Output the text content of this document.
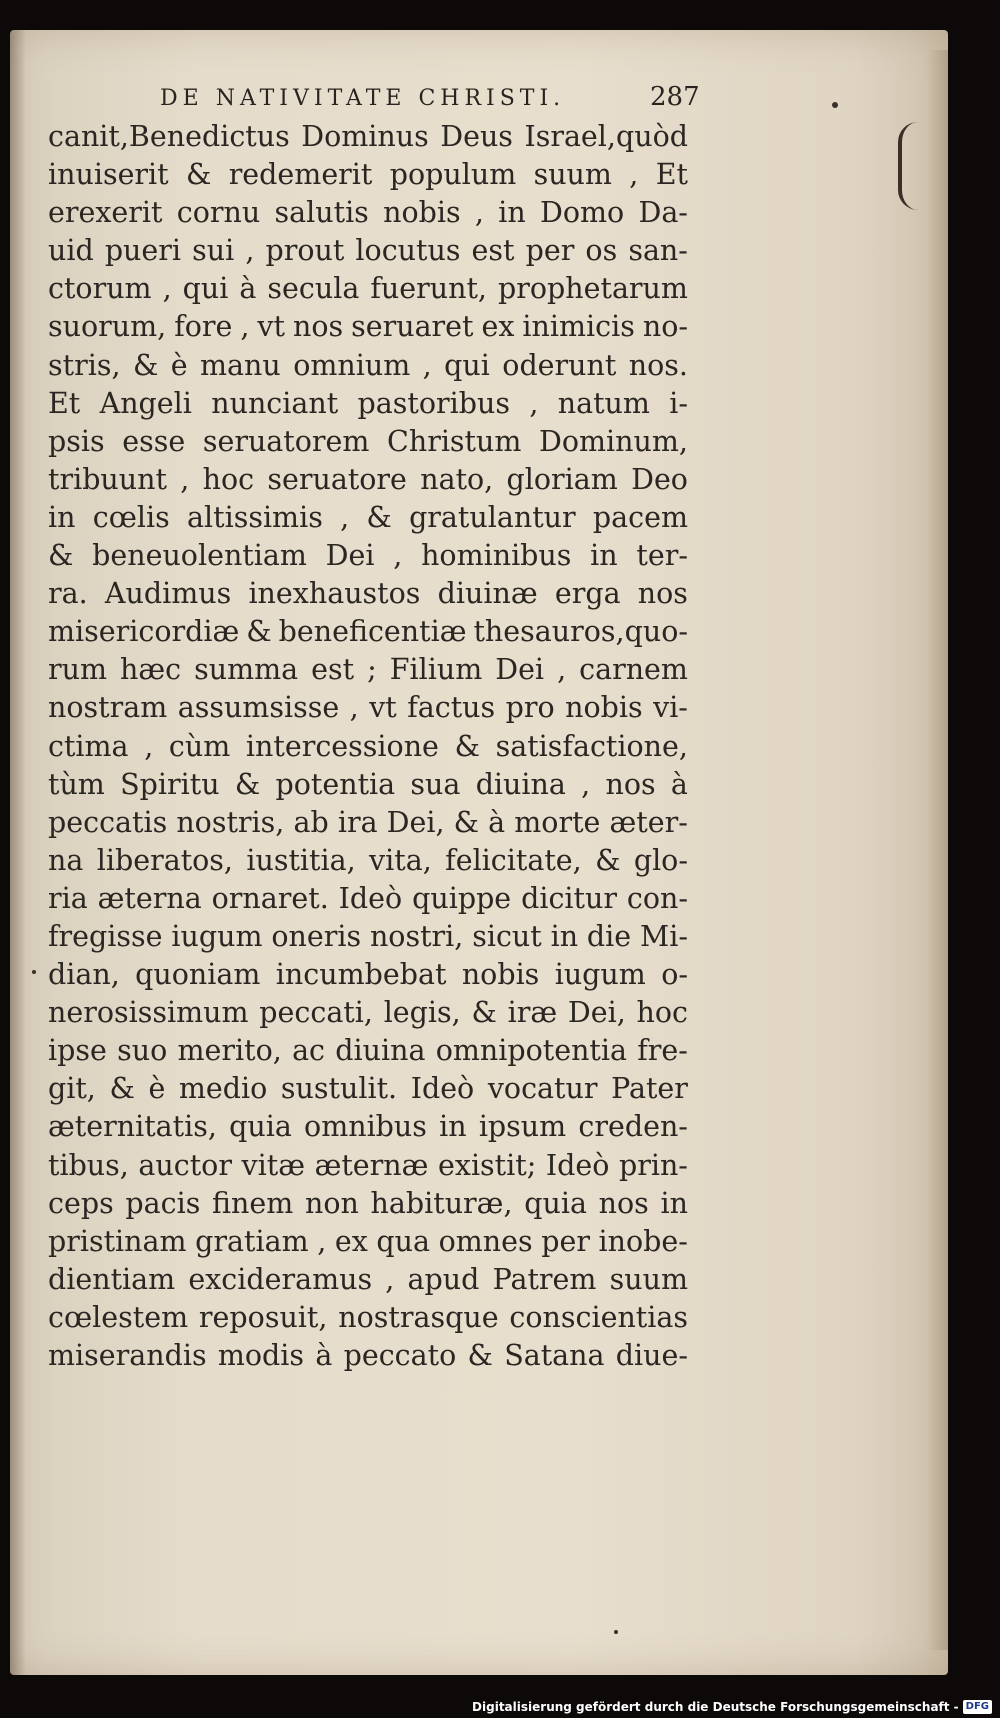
DE NATIVITATE CHRISTI.	287
canit,Benedictus Dominus Deus Israel,quòd
inuiserit & redemerit populum suum , Et
erexerit cornu salutis nobis , in Domo Da-
uid pueri sui , prout locutus est per os san-
ctorum , qui à secula fuerunt, prophetarum
suorum, fore , vt nos seruaret ex inimicis no-
stris, & è manu omnium , qui oderunt nos.
Et Angeli nunciant pastoribus , natum i-
psis esse seruatorem Christum Dominum,
tribuunt , hoc seruatore nato, gloriam Deo
in cœlis altissimis , & gratulantur pacem
& beneuolentiam Dei , hominibus in ter-
ra. Audimus inexhaustos diuinæ erga nos
misericordiæ & beneficentiæ thesauros,quo-
rum hæc summa est ; Filium Dei , carnem
nostram assumsisse , vt factus pro nobis vi-
ctima , cùm intercessione & satisfactione,
tùm Spiritu & potentia sua diuina , nos à
peccatis nostris, ab ira Dei, & à morte æter-
na liberatos, iustitia, vita, felicitate, & glo-
ria æterna ornaret. Ideò quippe dicitur con-
fregisse iugum oneris nostri, sicut in die Mi-
dian, quoniam incumbebat nobis iugum o-
nerosissimum peccati, legis, & iræ Dei, hoc
ipse suo merito, ac diuina omnipotentia fre-
git, & è medio sustulit. Ideò vocatur Pater
æternitatis, quia omnibus in ipsum creden-
tibus, auctor vitæ æternæ existit; Ideò prin-
ceps pacis finem non habituræ, quia nos in
pristinam gratiam , ex qua omnes per inobe-
dientiam excideramus , apud Patrem suum
cœlestem reposuit, nostrasque conscientias
miserandis modis à peccato & Satana diue-
Digitalisierung gefördert durch die Deutsche Forschungsgemeinschaft - DFG
